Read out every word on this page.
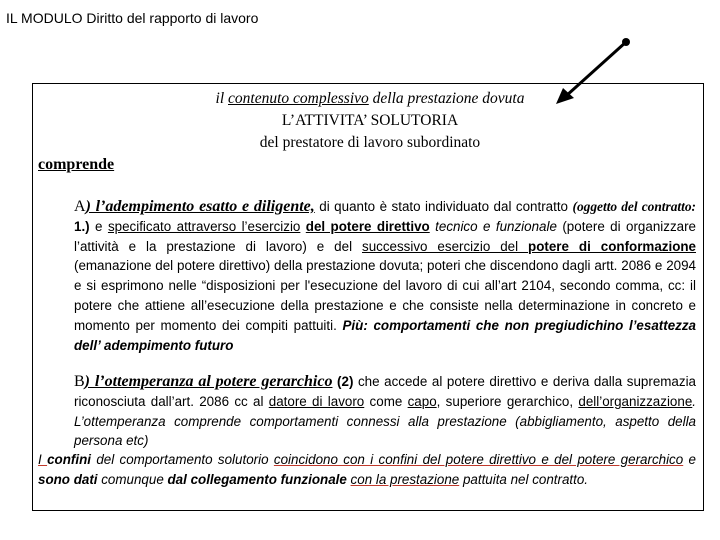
IL MODULO Diritto del rapporto di lavoro
il contenuto complessivo della prestazione dovuta
L’ATTIVITA’ SOLUTORIA
del prestatore di lavoro subordinato
comprende
A) l’adempimento esatto e diligente, di quanto è stato individuato dal contratto (oggetto del contratto: 1.) e specificato attraverso l’esercizio del potere direttivo tecnico e funzionale (potere di organizzare l’attività e la prestazione di lavoro) e del successivo esercizio del potere di conformazione (emanazione del potere direttivo) della prestazione dovuta; poteri che discendono dagli artt. 2086 e 2094 e si esprimono nelle “disposizioni per l'esecuzione del lavoro di cui all’art 2104, secondo comma, cc: il potere che attiene all’esecuzione della prestazione e che consiste nella determinazione in concreto e momento per momento dei compiti pattuiti. Più: comportamenti che non pregiudichino l’esattezza dell’ adempimento futuro
B) l’ottemperanza al potere gerarchico (2) che accede al potere direttivo e deriva dalla supremazia riconosciuta dall’art. 2086 cc al datore di lavoro come capo, superiore gerarchico, dell’organizzazione. L’ottemperanza comprende comportamenti connessi alla prestazione (abbigliamento, aspetto della persona etc)
I confini del comportamento solutorio coincidono con i confini del potere direttivo e del potere gerarchico e sono dati comunque dal collegamento funzionale con la prestazione pattuita nel contratto.
